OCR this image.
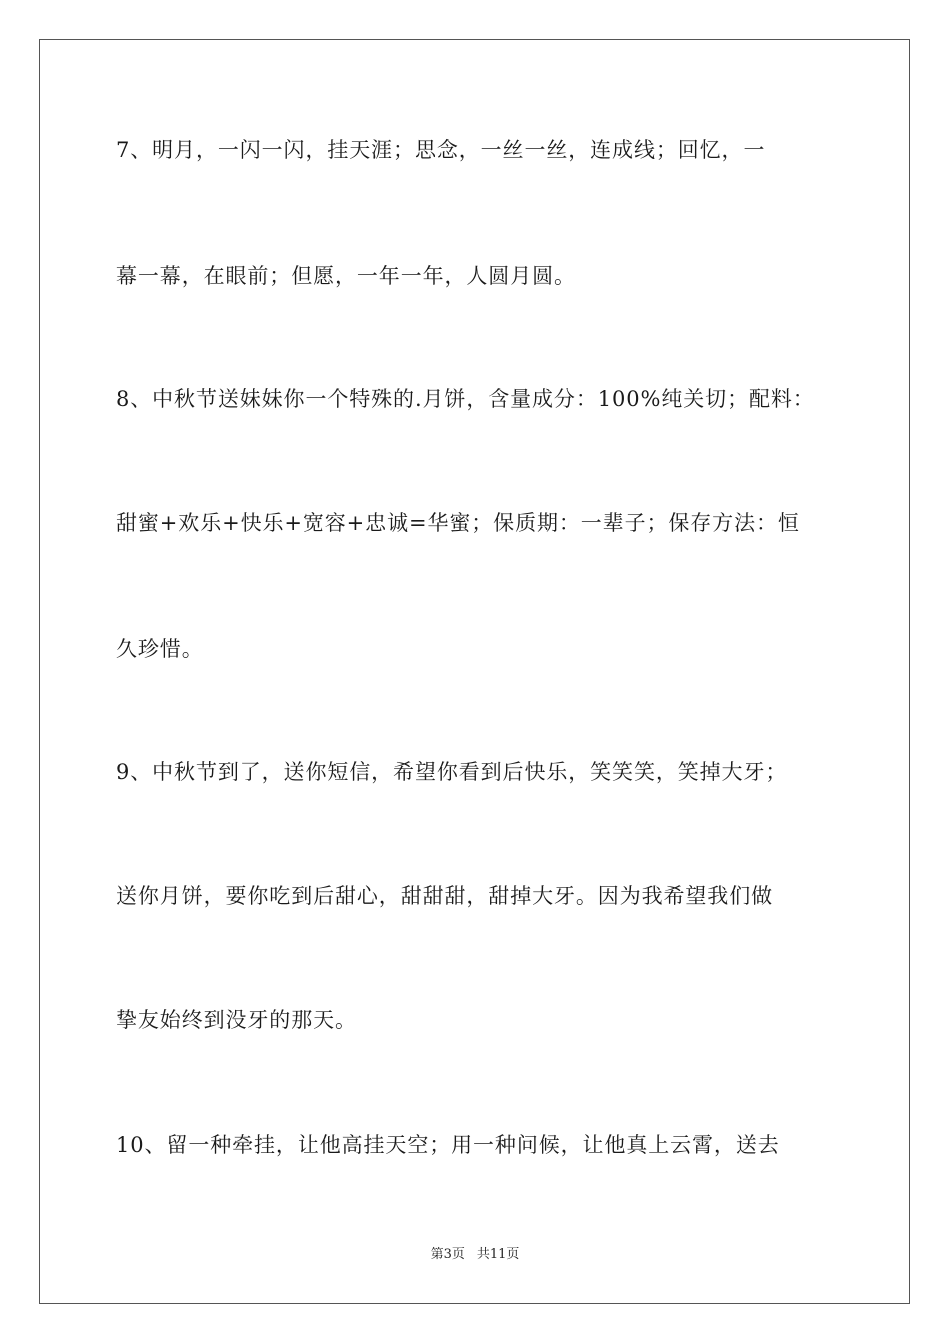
7、明月，一闪一闪，挂天涯；思念，一丝一丝，连成线；回忆，一
幕一幕，在眼前；但愿，一年一年，人圆月圆。
8、中秋节送妹妹你一个特殊的.月饼，含量成分：100%纯关切；配料：
甜蜜+欢乐+快乐+宽容+忠诚=华蜜；保质期：一辈子；保存方法：恒
久珍惜。
9、中秋节到了，送你短信，希望你看到后快乐，笑笑笑，笑掉大牙；
送你月饼，要你吃到后甜心，甜甜甜，甜掉大牙。因为我希望我们做
挚友始终到没牙的那天。
10、留一种牵挂，让他高挂天空；用一种问候，让他真上云霄，送去
第3页 共11页
